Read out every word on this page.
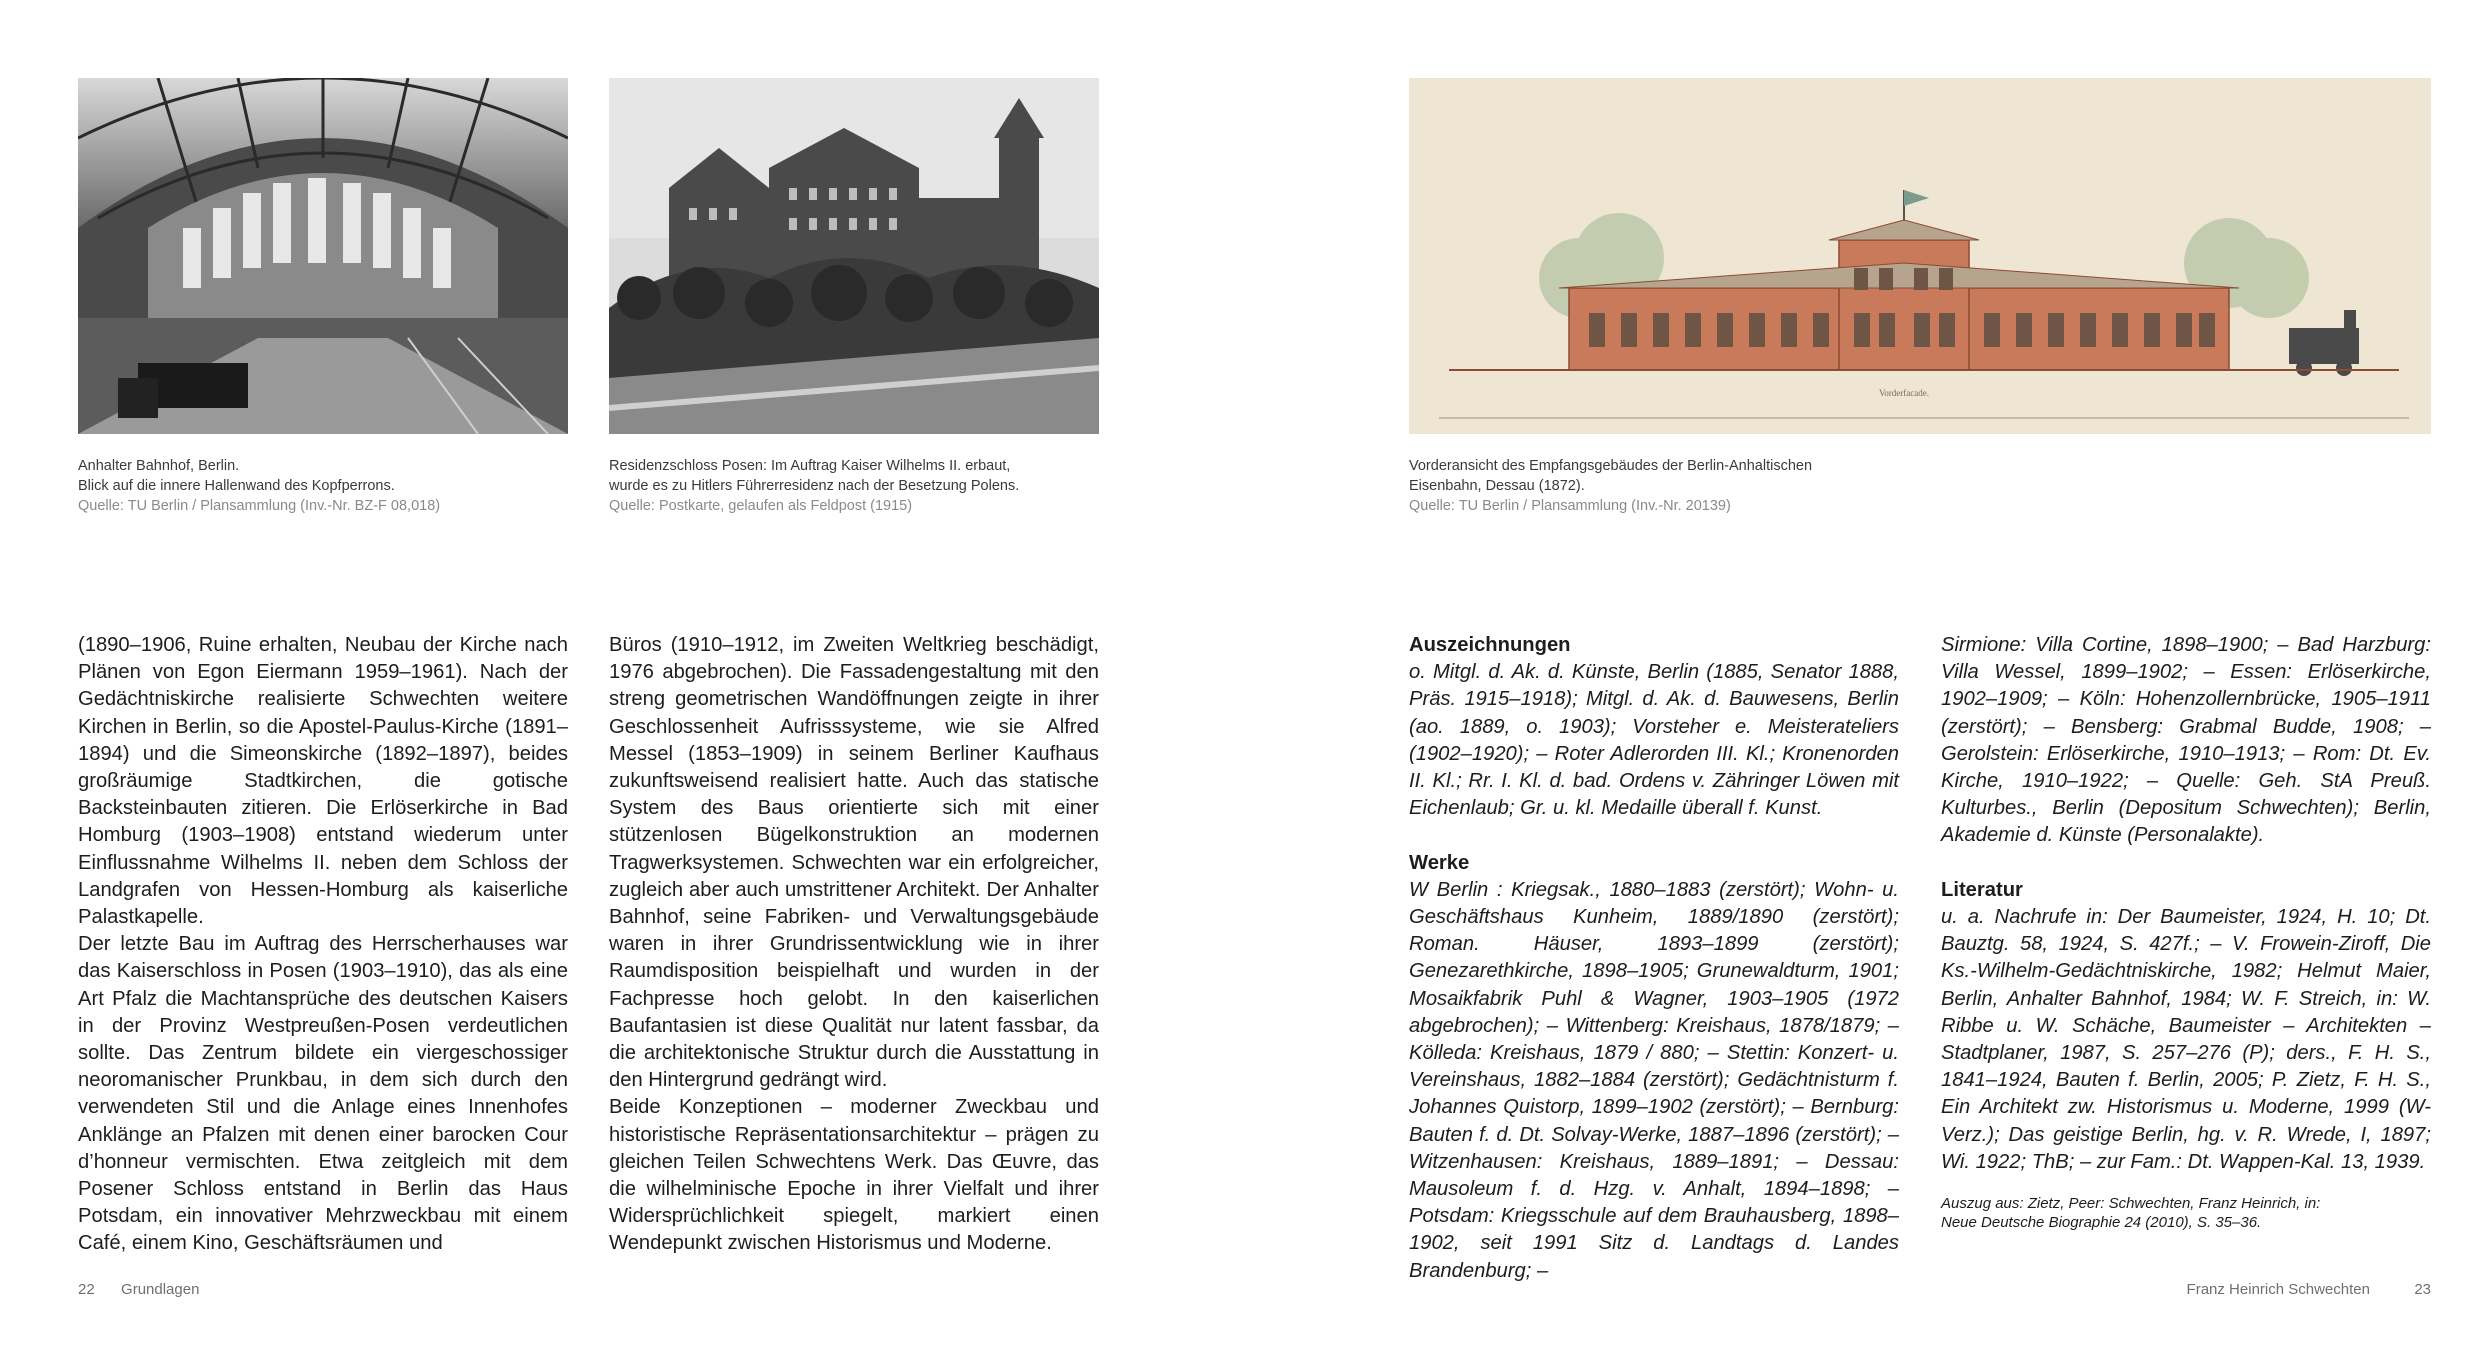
Vorderfacade.
Anhalter Bahnhof, Berlin.
Blick auf die innere Hallenwand des Kopfperrons.
Quelle: TU Berlin / Plansammlung (Inv.-Nr. BZ-F 08,018)
Residenzschloss Posen: Im Auftrag Kaiser Wilhelms II. erbaut,
wurde es zu Hitlers Führerresidenz nach der Besetzung Polens.
Quelle: Postkarte, gelaufen als Feldpost (1915)
Vorderansicht des Empfangsgebäudes der Berlin-Anhaltischen
Eisenbahn, Dessau (1872).
Quelle: TU Berlin / Plansammlung (Inv.-Nr. 20139)

(1890–1906, Ruine erhalten, Neubau der Kirche nach Plänen von Egon Eiermann 1959–1961). Nach der Gedächtniskirche realisierte Schwechten weitere Kirchen in Berlin, so die Apostel-Paulus-Kirche (1891–1894) und die Simeonskirche (1892–1897), beides großräumige Stadtkirchen, die gotische Backsteinbauten zitieren. Die Erlöserkirche in Bad Homburg (1903–1908) entstand wiederum unter Einflussnahme Wilhelms II. neben dem Schloss der Landgrafen von Hessen-Homburg als kaiserliche Palastkapelle.

Der letzte Bau im Auftrag des Herrscherhauses war das Kaiserschloss in Posen (1903–1910), das als eine Art Pfalz die Machtansprüche des deutschen Kaisers in der Provinz Westpreußen-Posen verdeutlichen sollte. Das Zentrum bildete ein viergeschossiger neoromanischer Prunkbau, in dem sich durch den verwendeten Stil und die Anlage eines Innenhofes Anklänge an Pfalzen mit denen einer barocken Cour d’honneur vermischten. Etwa zeitgleich mit dem Posener Schloss entstand in Berlin das Haus Potsdam, ein innovativer Mehrzweckbau mit einem Café, einem Kino, Geschäftsräumen und

Büros (1910–1912, im Zweiten Weltkrieg beschädigt, 1976 abgebrochen). Die Fassadengestaltung mit den streng geometrischen Wandöffnungen zeigte in ihrer Geschlossenheit Aufrisssysteme, wie sie Alfred Messel (1853–1909) in seinem Berliner Kaufhaus zukunftsweisend realisiert hatte. Auch das statische System des Baus orientierte sich mit einer stützenlosen Bügelkonstruktion an modernen Tragwerksystemen. Schwechten war ein erfolgreicher, zugleich aber auch umstrittener Architekt. Der Anhalter Bahnhof, seine Fabriken- und Verwaltungsgebäude waren in ihrer Grundrissentwicklung wie in ihrer Raumdisposition beispielhaft und wurden in der Fachpresse hoch gelobt. In den kaiserlichen Baufantasien ist diese Qualität nur latent fassbar, da die architektonische Struktur durch die Ausstattung in den Hintergrund gedrängt wird.

Beide Konzeptionen – moderner Zweckbau und historistische Repräsentationsarchitektur – prägen zu gleichen Teilen Schwechtens Werk. Das Œuvre, das die wilhelminische Epoche in ihrer Vielfalt und ihrer Widersprüchlichkeit spiegelt, markiert einen Wendepunkt zwischen Historismus und Moderne.

Auszeichnungen

o. Mitgl. d. Ak. d. Künste, Berlin (1885, Senator 1888, Präs. 1915–1918); Mitgl. d. Ak. d. Bauwesens, Berlin (ao. 1889, o. 1903); Vorsteher e. Meisterateliers (1902–1920); – Roter Adlerorden III. Kl.; Kronenorden II. Kl.; Rr. I. Kl. d. bad. Ordens v. Zähringer Löwen mit Eichenlaub; Gr. u. kl. Medaille überall f. Kunst.

Werke

W Berlin : Kriegsak., 1880–1883 (zerstört); Wohn- u. Geschäftshaus Kunheim, 1889/1890 (zerstört); Roman. Häuser, 1893–1899 (zerstört); Genezarethkirche, 1898–1905; Grunewaldturm, 1901; Mosaikfabrik Puhl & Wagner, 1903–1905 (1972 abgebrochen); – Wittenberg: Kreishaus, 1878/1879; – Kölleda: Kreishaus, 1879 / 880; – Stettin: Konzert- u. Vereinshaus, 1882–1884 (zerstört); Gedächtnisturm f. Johannes Quistorp, 1899–1902 (zerstört); – Bernburg: Bauten f. d. Dt. Solvay-Werke, 1887–1896 (zerstört); – Witzenhausen: Kreishaus, 1889–1891; – Dessau: Mausoleum f. d. Hzg. v. Anhalt, 1894–1898; – Potsdam: Kriegsschule auf dem Brauhausberg, 1898–1902, seit 1991 Sitz d. Landtags d. Landes Brandenburg; –

Sirmione: Villa Cortine, 1898–1900; – Bad Harzburg: Villa Wessel, 1899–1902; – Essen: Erlöserkirche, 1902–1909; – Köln: Hohenzollernbrücke, 1905–1911 (zerstört); – Bensberg: Grabmal Budde, 1908; – Gerolstein: Erlöserkirche, 1910–1913; – Rom: Dt. Ev. Kirche, 1910–1922; – Quelle: Geh. StA Preuß. Kulturbes., Berlin (Depositum Schwechten); Berlin, Akademie d. Künste (Personalakte).

Literatur

u. a. Nachrufe in: Der Baumeister, 1924, H. 10; Dt. Bauztg. 58, 1924, S. 427f.; – V. Frowein-Ziroff, Die Ks.-Wilhelm-Gedächtniskirche, 1982; Helmut Maier, Berlin, Anhalter Bahnhof, 1984; W. F. Streich, in: W. Ribbe u. W. Schäche, Baumeister – Architekten – Stadtplaner, 1987, S. 257–276 (P); ders., F. H. S., 1841–1924, Bauten f. Berlin, 2005; P. Zietz, F. H. S., Ein Architekt zw. Historismus u. Moderne, 1999 (W-Verz.); Das geistige Berlin, hg. v. R. Wrede, I, 1897; Wi. 1922; ThB; – zur Fam.: Dt. Wappen-Kal. 13, 1939.

Auszug aus: Zietz, Peer: Schwechten, Franz Heinrich, in:
Neue Deutsche Biographie 24 (2010), S. 35–36.
22 Grundlagen	Franz Heinrich Schwechten	23
